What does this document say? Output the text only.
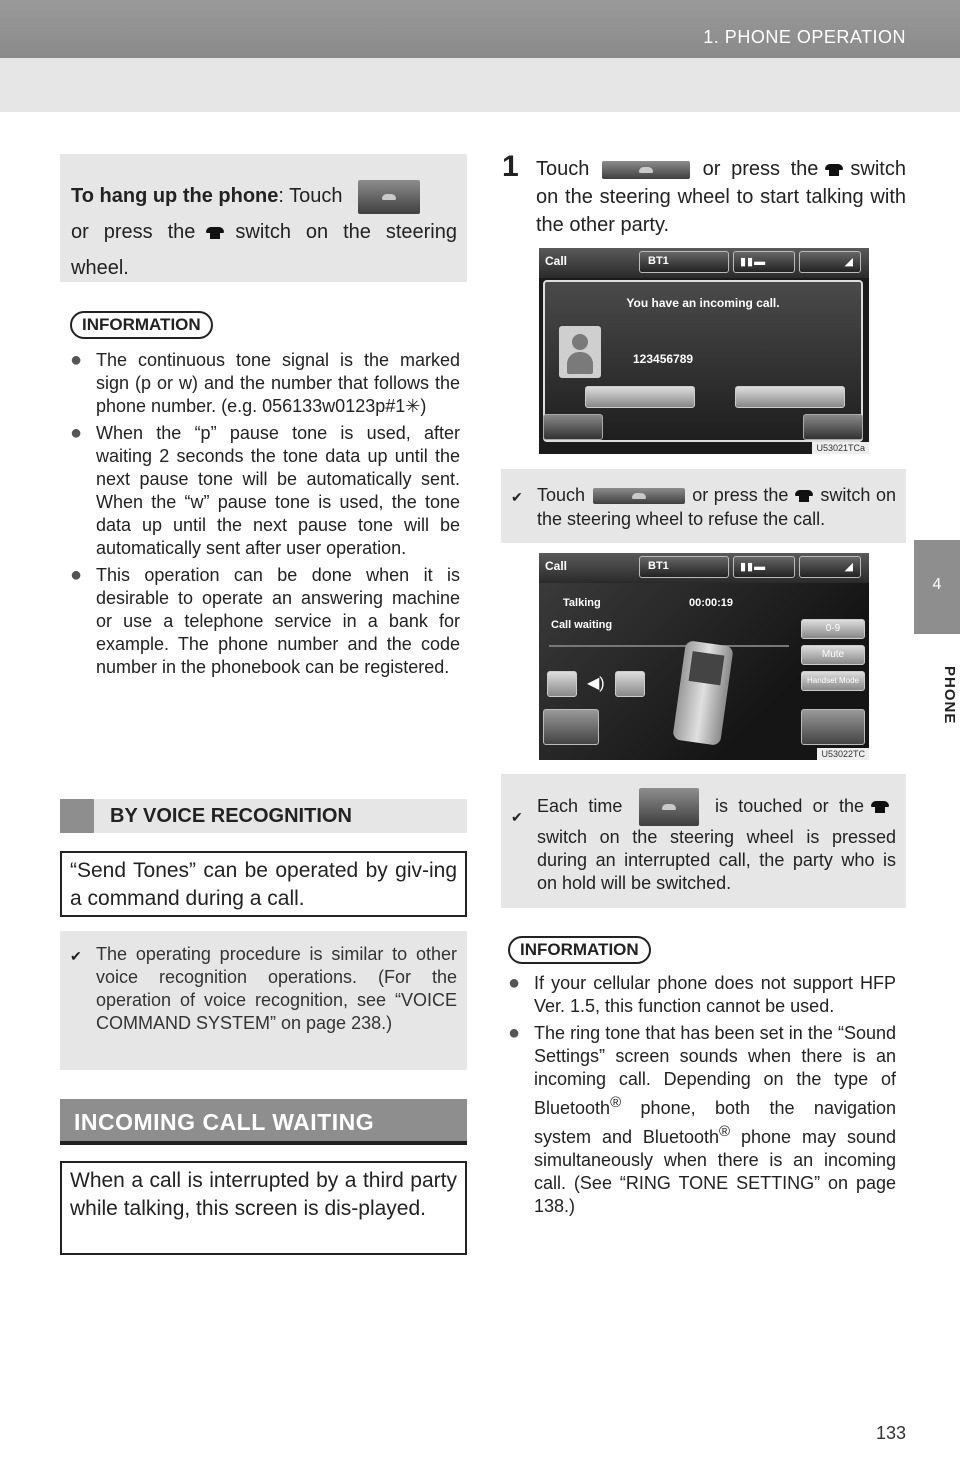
1. PHONE OPERATION
4
PHONE
To hang up the phone: Touch
or press the switch on the steering wheel.
INFORMATION
● The continuous tone signal is the marked sign (p or w) and the number that follows the phone number. (e.g. 056133w0123p#1✳)
● When the “p” pause tone is used, after waiting 2 seconds the tone data up until the next pause tone will be automatically sent. When the “w” pause tone is used, the tone data up until the next pause tone will be automatically sent after user operation.
● This operation can be done when it is desirable to operate an answering machine or use a telephone service in a bank for example. The phone number and the code number in the phonebook can be registered.
BY VOICE RECOGNITION
“Send Tones” can be operated by giv-ing a command during a call.
✔ The operating procedure is similar to other voice recognition operations. (For the operation of voice recognition, see “VOICE COMMAND SYSTEM” on page 238.)
INCOMING CALL WAITING
When a call is interrupted by a third party while talking, this screen is dis-played.
1 Touch	or press the switch on the steering wheel to start talking with the other party.
Call	BT1	▮▮▬	◢
You have an incoming call.
123456789
U53021TCa
✔ Touch	or press the switch on the steering wheel to refuse the call.
Call	BT1	▮▮▬	◢
Talking	00:00:19
Call waiting
◀)
0-9
Mute
Handset Mode
U53022TC
✔
Each time	is touched or theswitch on the steering wheel is pressed during an interrupted call, the party who is on hold will be switched.
INFORMATION
● If your cellular phone does not support HFP Ver. 1.5, this function cannot be used.
● The ring tone that has been set in the “Sound Settings” screen sounds when there is an incoming call. Depending on the type of Bluetooth® phone, both the navigation system and Bluetooth® phone may sound simultaneously when there is an incoming call. (See “RING TONE SETTING” on page 138.)
133
